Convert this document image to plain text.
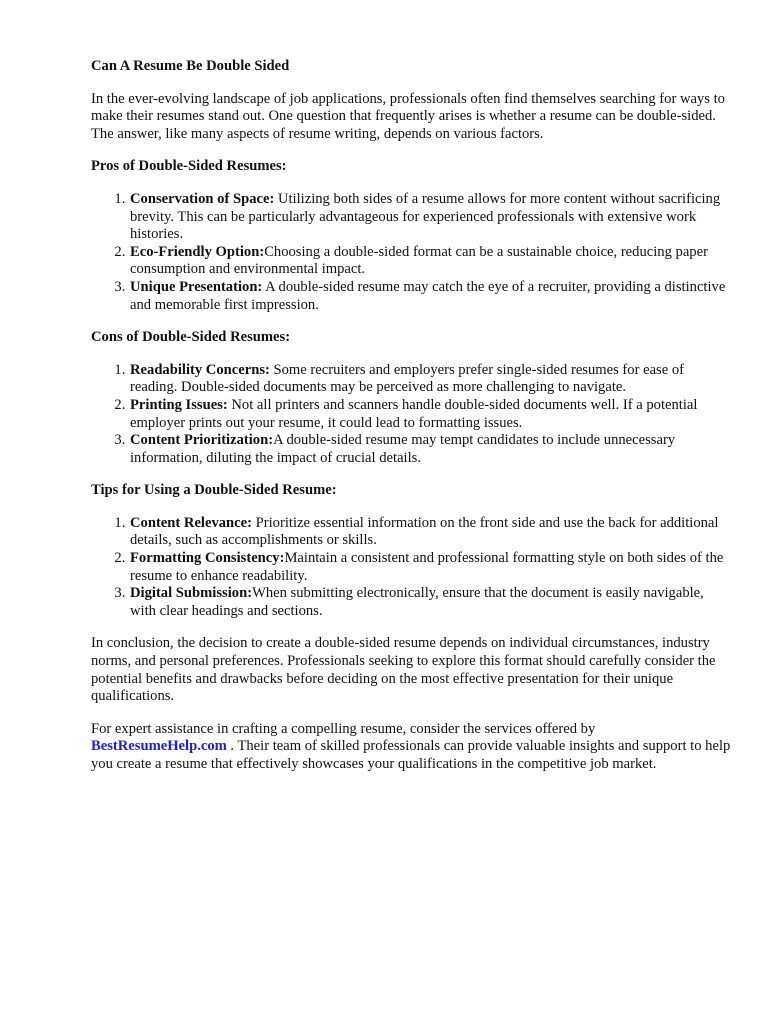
Can A Resume Be Double Sided

In the ever-evolving landscape of job applications, professionals often find themselves searching for ways to make their resumes stand out. One question that frequently arises is whether a resume can be double-sided. The answer, like many aspects of resume writing, depends on various factors.

Pros of Double-Sided Resumes:
1. Conservation of Space: Utilizing both sides of a resume allows for more content without sacrificing brevity. This can be particularly advantageous for experienced professionals with extensive work histories.
2. Eco-Friendly Option:Choosing a double-sided format can be a sustainable choice, reducing paper consumption and environmental impact.
3. Unique Presentation: A double-sided resume may catch the eye of a recruiter, providing a distinctive and memorable first impression.
Cons of Double-Sided Resumes:
1. Readability Concerns: Some recruiters and employers prefer single-sided resumes for ease of reading. Double-sided documents may be perceived as more challenging to navigate.
2. Printing Issues: Not all printers and scanners handle double-sided documents well. If a potential employer prints out your resume, it could lead to formatting issues.
3. Content Prioritization:A double-sided resume may tempt candidates to include unnecessary information, diluting the impact of crucial details.
Tips for Using a Double-Sided Resume:
1. Content Relevance: Prioritize essential information on the front side and use the back for additional details, such as accomplishments or skills.
2. Formatting Consistency:Maintain a consistent and professional formatting style on both sides of the resume to enhance readability.
3. Digital Submission:When submitting electronically, ensure that the document is easily navigable, with clear headings and sections.

In conclusion, the decision to create a double-sided resume depends on individual circumstances, industry norms, and personal preferences. Professionals seeking to explore this format should carefully consider the potential benefits and drawbacks before deciding on the most effective presentation for their unique qualifications.

For expert assistance in crafting a compelling resume, consider the services offered by BestResumeHelp.com . Their team of skilled professionals can provide valuable insights and support to help you create a resume that effectively showcases your qualifications in the competitive job market.
